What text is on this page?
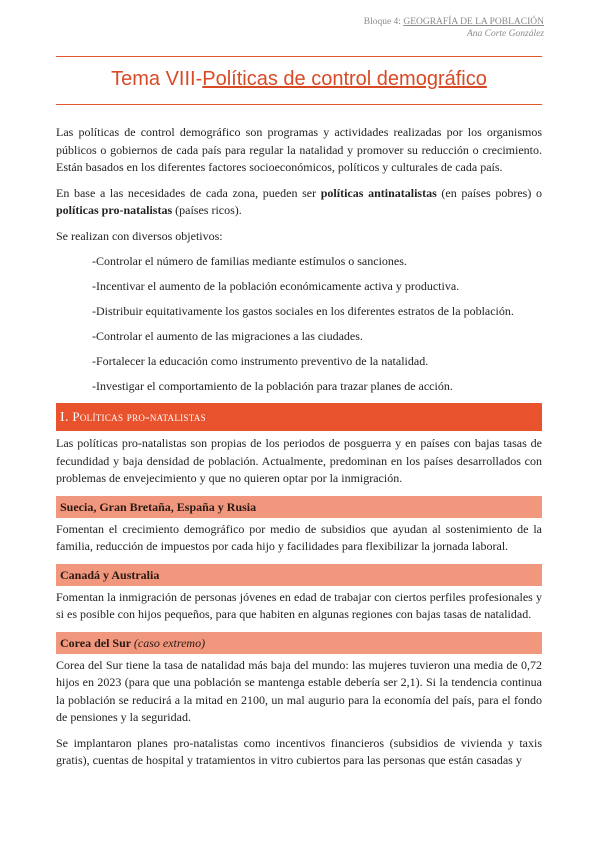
Bloque 4: GEOGRAFÍA DE LA POBLACIÓN
Ana Corte González
Tema VIII-Políticas de control demográfico

Las políticas de control demográfico son programas y actividades realizadas por los organismos públicos o gobiernos de cada país para regular la natalidad y promover su reducción o crecimiento. Están basados en los diferentes factores socioeconómicos, políticos y culturales de cada país.

En base a las necesidades de cada zona, pueden ser políticas antinatalistas (en países pobres) o políticas pro-natalistas (países ricos).

Se realizan con diversos objetivos:

-Controlar el número de familias mediante estímulos o sanciones.
-Incentivar el aumento de la población económicamente activa y productiva.
-Distribuir equitativamente los gastos sociales en los diferentes estratos de la población.
-Controlar el aumento de las migraciones a las ciudades.
-Fortalecer la educación como instrumento preventivo de la natalidad.
-Investigar el comportamiento de la población para trazar planes de acción.
I. Políticas pro-natalistas

Las políticas pro-natalistas son propias de los periodos de posguerra y en países con bajas tasas de fecundidad y baja densidad de población. Actualmente, predominan en los países desarrollados con problemas de envejecimiento y que no quieren optar por la inmigración.

Suecia, Gran Bretaña, España y Rusia

Fomentan el crecimiento demográfico por medio de subsidios que ayudan al sostenimiento de la familia, reducción de impuestos por cada hijo y facilidades para flexibilizar la jornada laboral.

Canadá y Australia

Fomentan la inmigración de personas jóvenes en edad de trabajar con ciertos perfiles profesionales y si es posible con hijos pequeños, para que habiten en algunas regiones con bajas tasas de natalidad.

Corea del Sur (caso extremo)

Corea del Sur tiene la tasa de natalidad más baja del mundo: las mujeres tuvieron una media de 0,72 hijos en 2023 (para que una población se mantenga estable debería ser 2,1). Si la tendencia continua la población se reducirá a la mitad en 2100, un mal augurio para la economía del país, para el fondo de pensiones y la seguridad.

Se implantaron planes pro-natalistas como incentivos financieros (subsidios de vivienda y taxis gratis), cuentas de hospital y tratamientos in vitro cubiertos para las personas que están casadas y
